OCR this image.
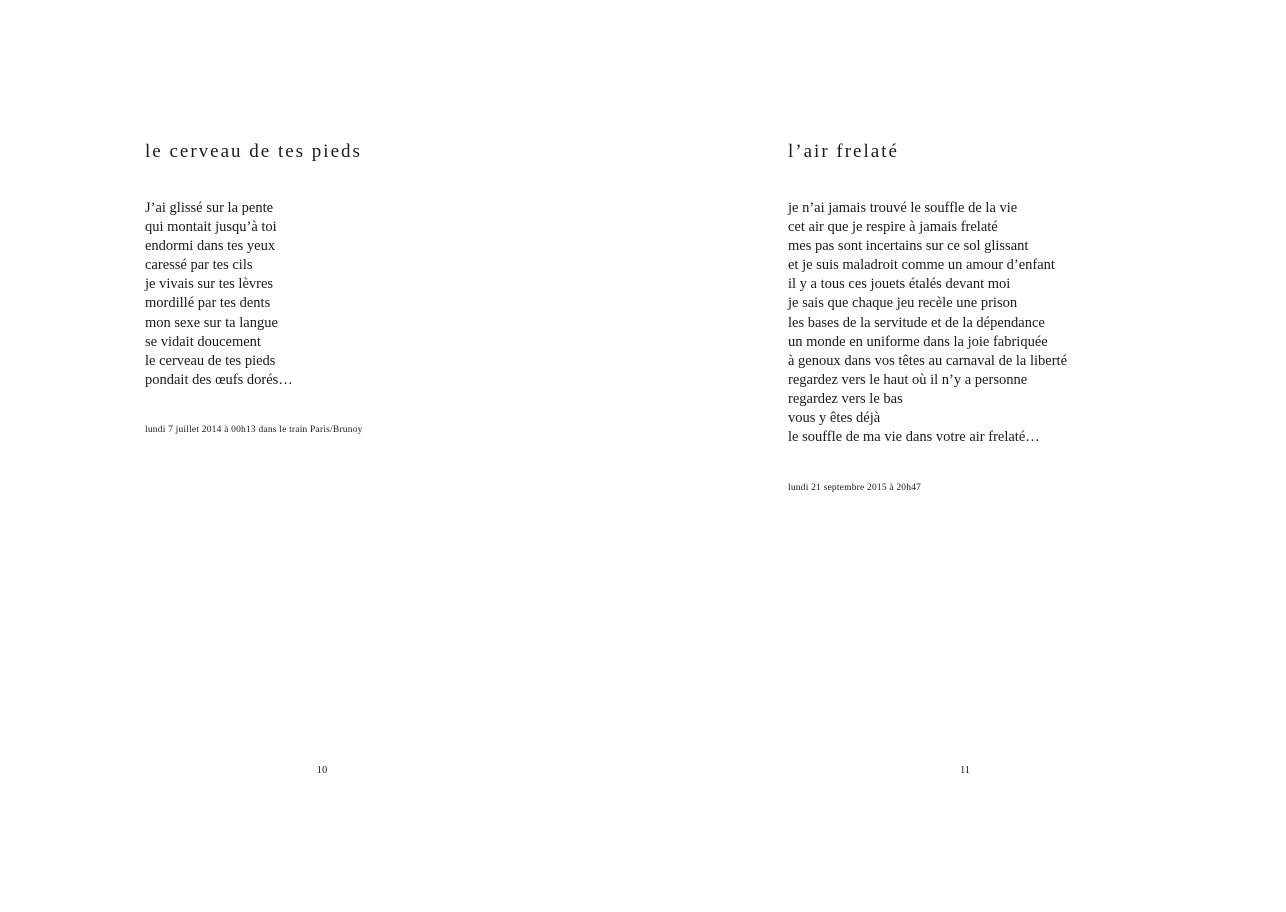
le cerveau de tes pieds
J’ai glissé sur la pente
qui montait jusqu’à toi
endormi dans tes yeux
caressé par tes cils
je vivais sur tes lèvres
mordillé par tes dents
mon sexe sur ta langue
se vidait doucement
le cerveau de tes pieds
pondait des œufs dorés…
lundi 7 juillet 2014 à 00h13 dans le train Paris/Brunoy
10
l’air frelaté
je n’ai jamais trouvé le souffle de la vie
cet air que je respire à jamais frelaté
mes pas sont incertains sur ce sol glissant
et je suis maladroit comme un amour d’enfant
il y a tous ces jouets étalés devant moi
je sais que chaque jeu recèle une prison
les bases de la servitude et de la dépendance
un monde en uniforme dans la joie fabriquée
à genoux dans vos têtes au carnaval de la liberté
regardez vers le haut où il n’y a personne
regardez vers le bas
vous y êtes déjà
le souffle de ma vie dans votre air frelaté…
lundi 21 septembre 2015 à 20h47
11
